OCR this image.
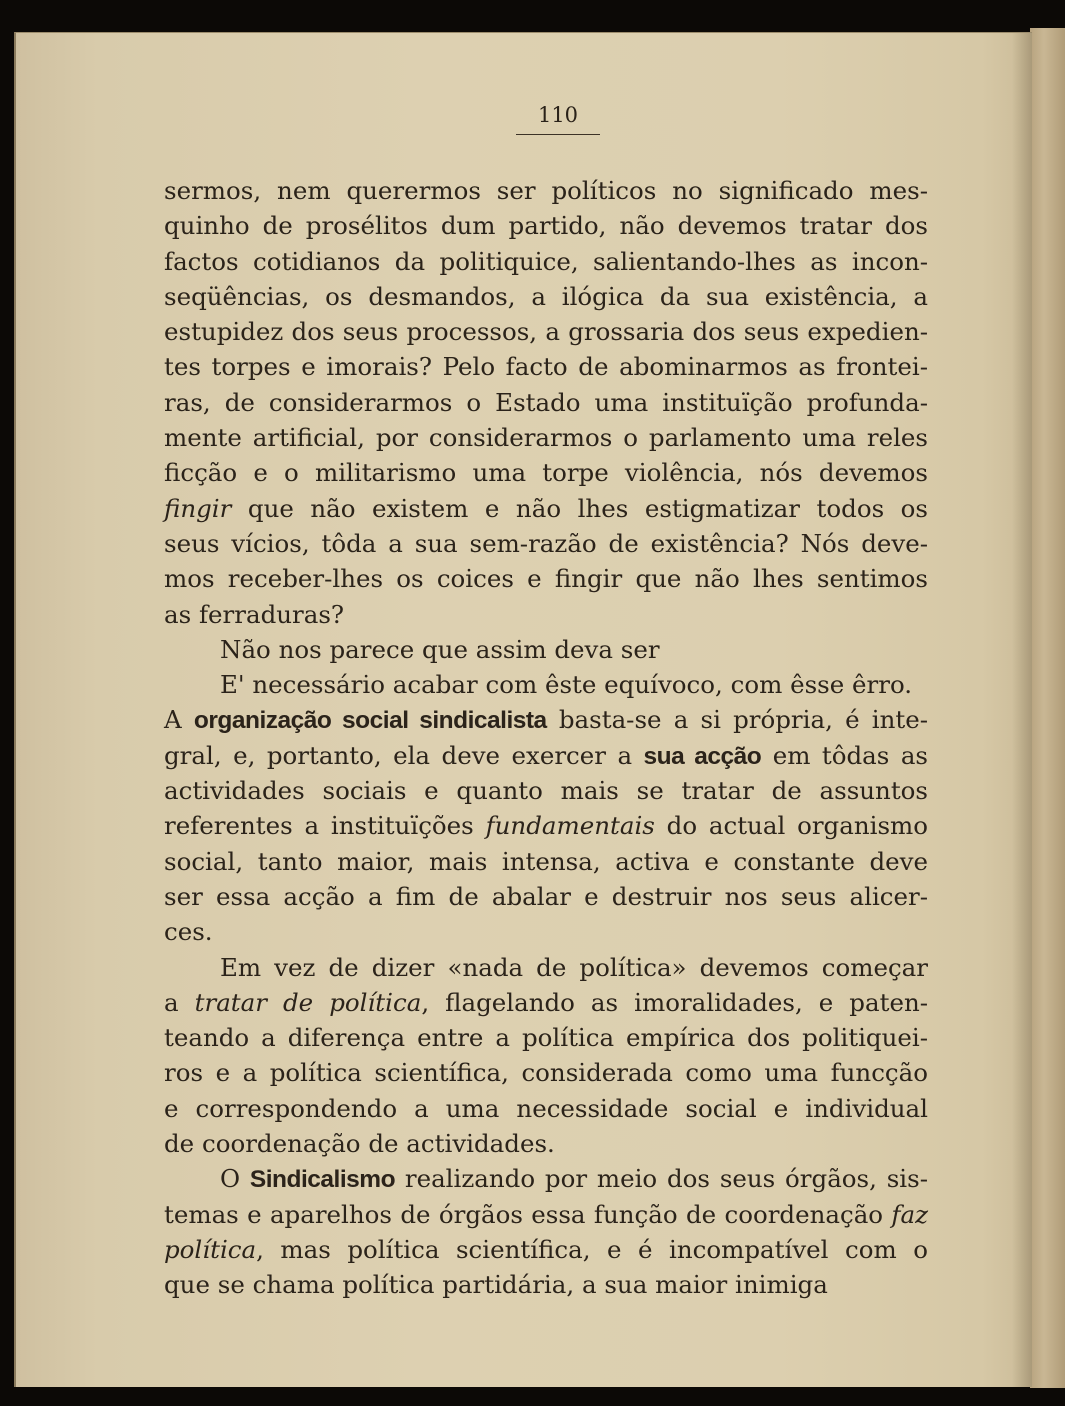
110
sermos, nem querermos ser políticos no significado mes-
quinho de prosélitos dum partido, não devemos tratar dos
factos cotidianos da politiquice, salientando-lhes as incon-
seqüências, os desmandos, a ilógica da sua existência, a
estupidez dos seus processos, a grossaria dos seus expedien-
tes torpes e imorais? Pelo facto de abominarmos as frontei-
ras, de considerarmos o Estado uma instituïção profunda-
mente artificial, por considerarmos o parlamento uma reles
ficção e o militarismo uma torpe violência, nós devemos
fingir que não existem e não lhes estigmatizar todos os
seus vícios, tôda a sua sem-razão de existência? Nós deve-
mos receber-lhes os coices e fingir que não lhes sentimos
as ferraduras?
Não nos parece que assim deva ser
E' necessário acabar com êste equívoco, com êsse êrro.
A organização social sindicalista basta-se a si própria, é inte-
gral, e, portanto, ela deve exercer a sua acção em tôdas as
actividades sociais e quanto mais se tratar de assuntos
referentes a instituïções fundamentais do actual organismo
social, tanto maior, mais intensa, activa e constante deve
ser essa acção a fim de abalar e destruir nos seus alicer-
ces.
Em vez de dizer «nada de política» devemos começar
a tratar de política, flagelando as imoralidades, e paten-
teando a diferença entre a política empírica dos politiquei-
ros e a política scientífica, considerada como uma funcção
e correspondendo a uma necessidade social e individual
de coordenação de actividades.
O Sindicalismo realizando por meio dos seus órgãos, sis-
temas e aparelhos de órgãos essa função de coordenação faz
política, mas política scientífica, e é incompatível com o
que se chama política partidária, a sua maior inimiga
